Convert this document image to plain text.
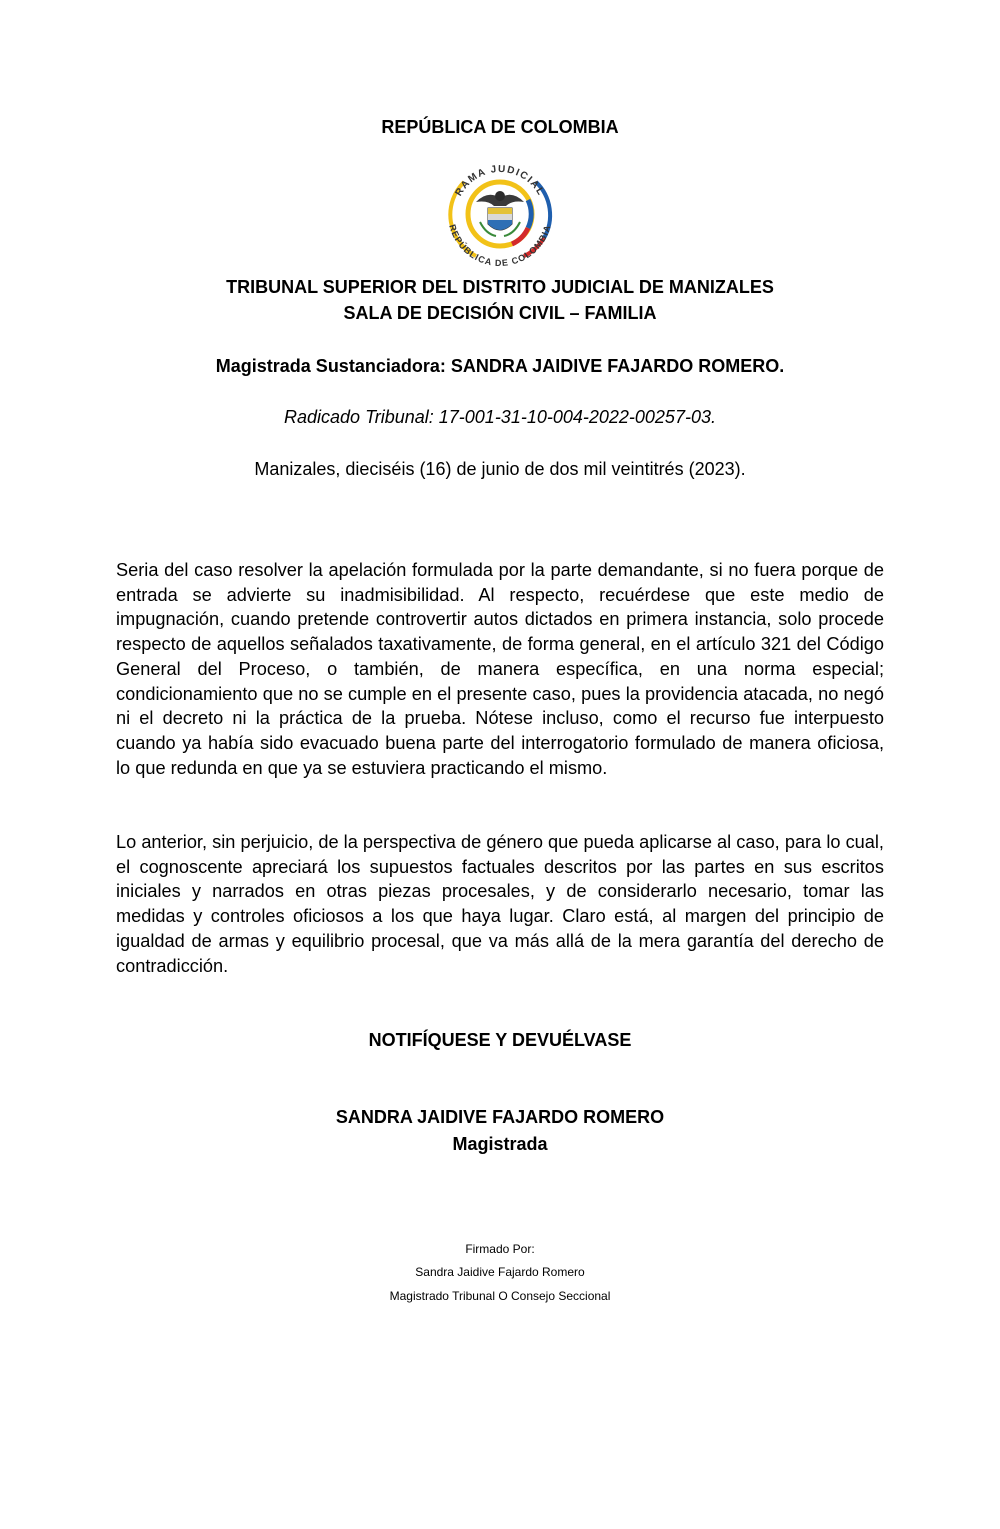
REPÚBLICA DE COLOMBIA
RAMA JUDICIAL
REPÚBLICA DE COLOMBIA
TRIBUNAL SUPERIOR DEL DISTRITO JUDICIAL DE MANIZALES
SALA DE DECISIÓN CIVIL – FAMILIA
Magistrada Sustanciadora: SANDRA JAIDIVE FAJARDO ROMERO.
Radicado Tribunal: 17-001-31-10-004-2022-00257-03.
Manizales, dieciséis (16) de junio de dos mil veintitrés (2023).

Seria del caso resolver la apelación formulada por la parte demandante, si no fuera porque de entrada se advierte su inadmisibilidad. Al respecto, recuérdese que este medio de impugnación, cuando pretende controvertir autos dictados en primera instancia, solo procede respecto de aquellos señalados taxativamente, de forma general, en el artículo 321 del Código General del Proceso, o también, de manera específica, en una norma especial; condicionamiento que no se cumple en el presente caso, pues la providencia atacada, no negó ni el decreto ni la práctica de la prueba. Nótese incluso, como el recurso fue interpuesto cuando ya había sido evacuado buena parte del interrogatorio formulado de manera oficiosa, lo que redunda en que ya se estuviera practicando el mismo.

Lo anterior, sin perjuicio, de la perspectiva de género que pueda aplicarse al caso, para lo cual, el cognoscente apreciará los supuestos factuales descritos por las partes en sus escritos iniciales y narrados en otras piezas procesales, y de considerarlo necesario, tomar las medidas y controles oficiosos a los que haya lugar. Claro está, al margen del principio de igualdad de armas y equilibrio procesal, que va más allá de la mera garantía del derecho de contradicción.

NOTIFÍQUESE Y DEVUÉLVASE
SANDRA JAIDIVE FAJARDO ROMERO
Magistrada
Firmado Por:
Sandra Jaidive Fajardo Romero
Magistrado Tribunal O Consejo Seccional
